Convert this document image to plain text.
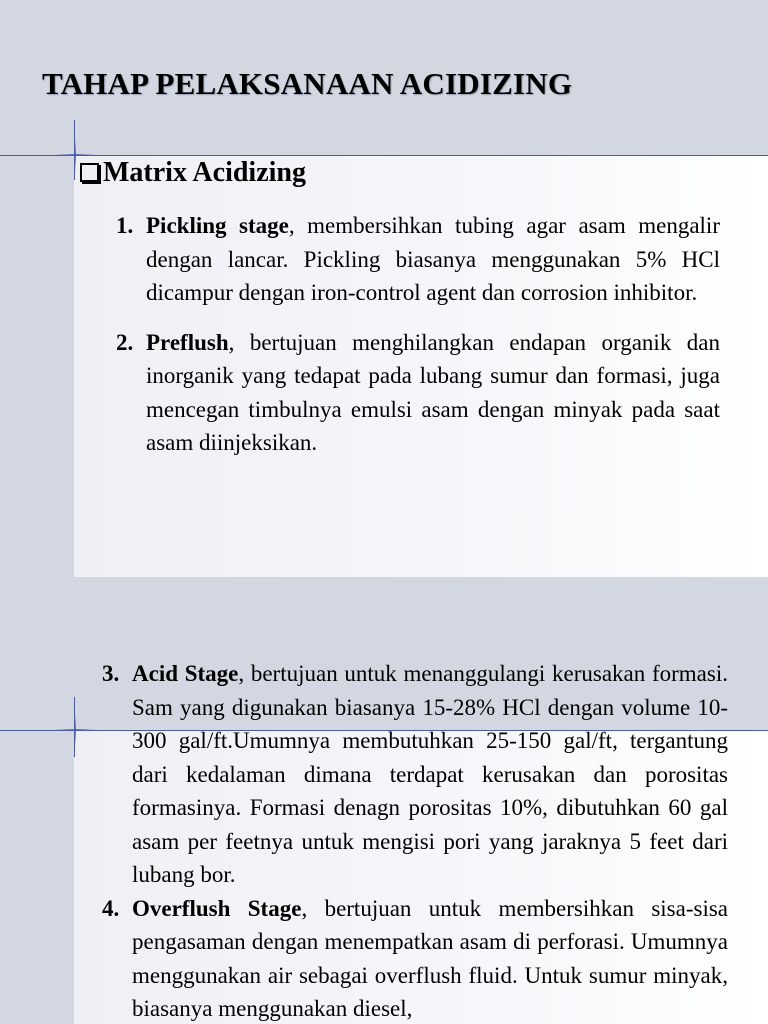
TAHAP PELAKSANAAN ACIDIZING
Matrix Acidizing
1. Pickling stage, membersihkan tubing agar asam mengalir dengan lancar. Pickling biasanya menggunakan 5% HCl dicampur dengan iron-control agent dan corrosion inhibitor.
2. Preflush, bertujuan menghilangkan endapan organik dan inorganik yang tedapat pada lubang sumur dan formasi, juga mencegan timbulnya emulsi asam dengan minyak pada saat asam diinjeksikan.
3. Acid Stage, bertujuan untuk menanggulangi kerusakan formasi. Sam yang digunakan biasanya 15-28% HCl dengan volume 10-300 gal/ft.Umumnya membutuhkan 25-150 gal/ft, tergantung dari kedalaman dimana terdapat kerusakan dan porositas formasinya. Formasi denagn porositas 10%, dibutuhkan 60 gal asam per feetnya untuk mengisi pori yang jaraknya 5 feet dari lubang bor.
4. Overflush Stage, bertujuan untuk membersihkan sisa-sisa pengasaman dengan menempatkan asam di perforasi. Umumnya menggunakan air sebagai overflush fluid. Untuk sumur minyak, biasanya menggunakan diesel,
